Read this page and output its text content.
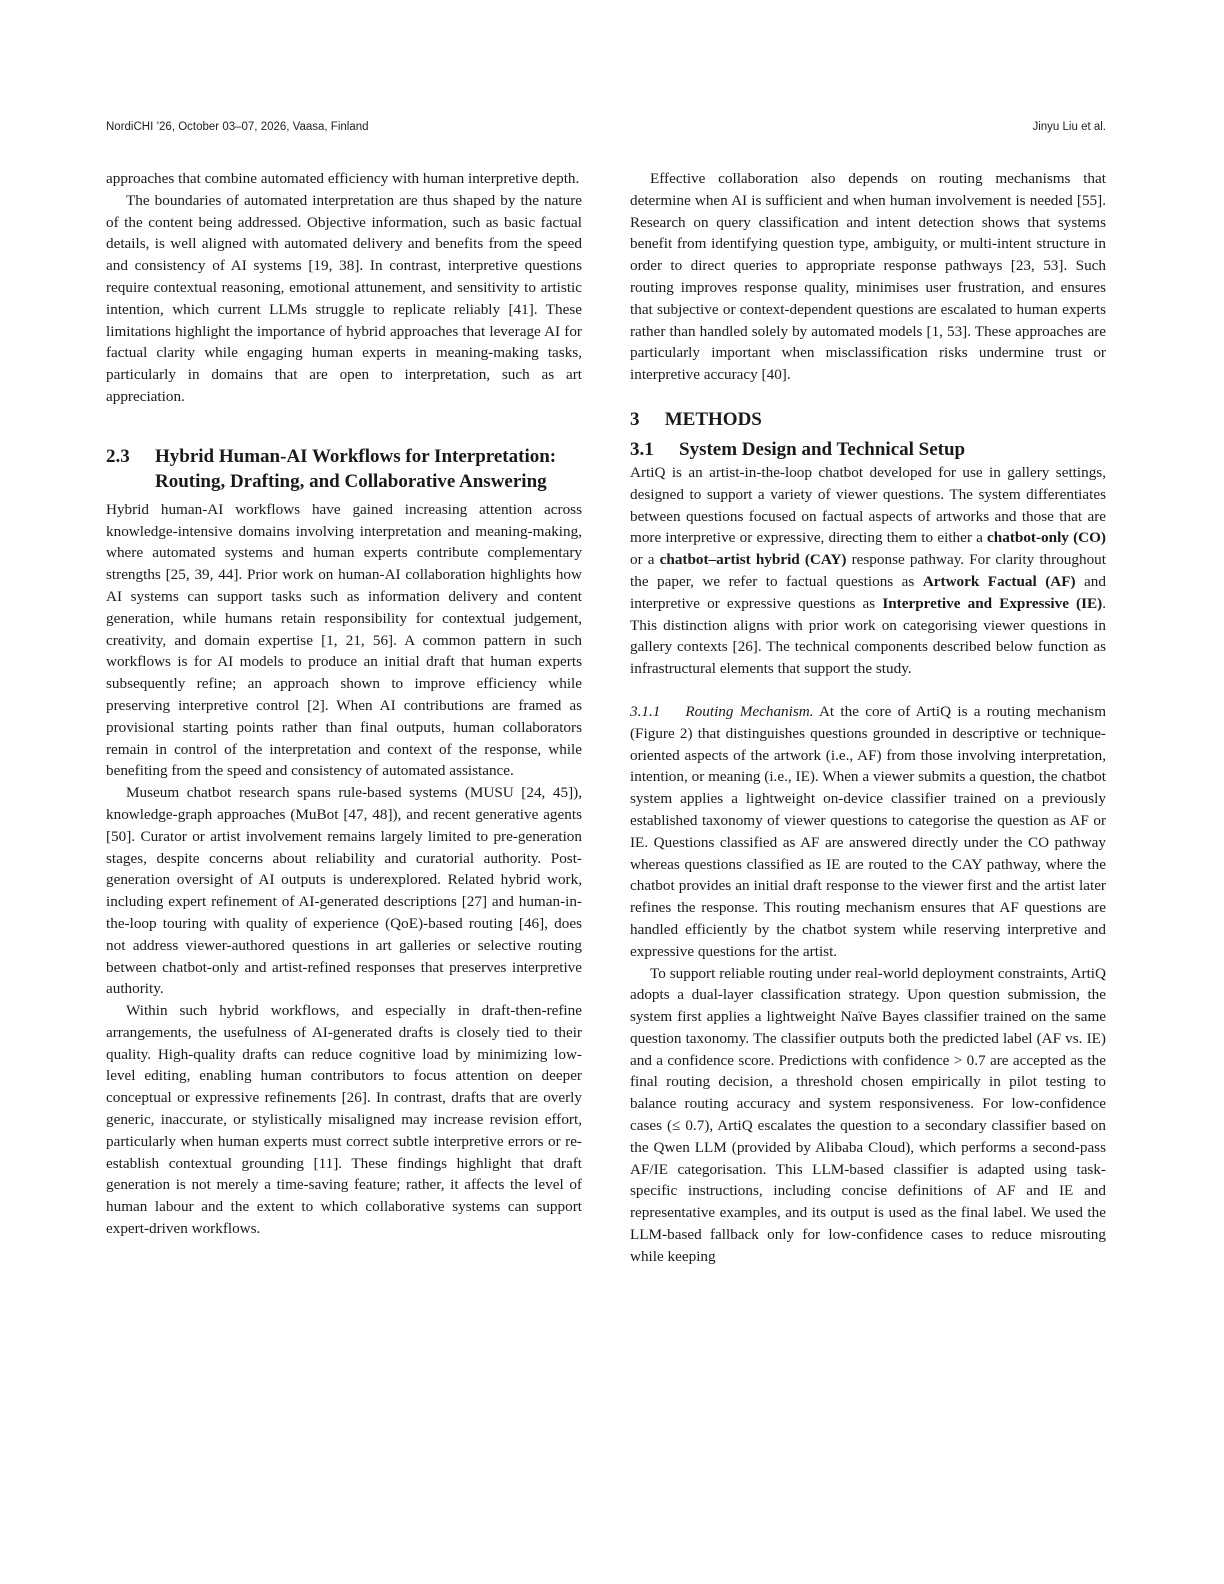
NordiCHI ’26, October 03–07, 2026, Vaasa, Finland	Jinyu Liu et al.

approaches that combine automated efficiency with human interpretive depth.

The boundaries of automated interpretation are thus shaped by the nature of the content being addressed. Objective information, such as basic factual details, is well aligned with automated delivery and benefits from the speed and consistency of AI systems [19, 38]. In contrast, interpretive questions require contextual reasoning, emotional attunement, and sensitivity to artistic intention, which current LLMs struggle to replicate reliably [41]. These limitations highlight the importance of hybrid approaches that leverage AI for factual clarity while engaging human experts in meaning-making tasks, particularly in domains that are open to interpretation, such as art appreciation.

2.3	Hybrid Human-AI Workflows for Interpretation: Routing, Drafting, and Collaborative Answering

Hybrid human-AI workflows have gained increasing attention across knowledge-intensive domains involving interpretation and meaning-making, where automated systems and human experts contribute complementary strengths [25, 39, 44]. Prior work on human-AI collaboration highlights how AI systems can support tasks such as information delivery and content generation, while humans retain responsibility for contextual judgement, creativity, and domain expertise [1, 21, 56]. A common pattern in such workflows is for AI models to produce an initial draft that human experts subsequently refine; an approach shown to improve efficiency while preserving interpretive control [2]. When AI contributions are framed as provisional starting points rather than final outputs, human collaborators remain in control of the interpretation and context of the response, while benefiting from the speed and consistency of automated assistance.

Museum chatbot research spans rule-based systems (MUSU [24, 45]), knowledge-graph approaches (MuBot [47, 48]), and recent generative agents [50]. Curator or artist involvement remains largely limited to pre-generation stages, despite concerns about reliability and curatorial authority. Post-generation oversight of AI outputs is underexplored. Related hybrid work, including expert refinement of AI-generated descriptions [27] and human-in-the-loop touring with quality of experience (QoE)-based routing [46], does not address viewer-authored questions in art galleries or selective routing between chatbot-only and artist-refined responses that preserves interpretive authority.

Within such hybrid workflows, and especially in draft-then-refine arrangements, the usefulness of AI-generated drafts is closely tied to their quality. High-quality drafts can reduce cognitive load by minimizing low-level editing, enabling human contributors to focus attention on deeper conceptual or expressive refinements [26]. In contrast, drafts that are overly generic, inaccurate, or stylistically misaligned may increase revision effort, particularly when human experts must correct subtle interpretive errors or re-establish contextual grounding [11]. These findings highlight that draft generation is not merely a time-saving feature; rather, it affects the level of human labour and the extent to which collaborative systems can support expert-driven workflows.

Effective collaboration also depends on routing mechanisms that determine when AI is sufficient and when human involvement is needed [55]. Research on query classification and intent detection shows that systems benefit from identifying question type, ambiguity, or multi-intent structure in order to direct queries to appropriate response pathways [23, 53]. Such routing improves response quality, minimises user frustration, and ensures that subjective or context-dependent questions are escalated to human experts rather than handled solely by automated models [1, 53]. These approaches are particularly important when misclassification risks undermine trust or interpretive accuracy [40].

3 METHODS
3.1	System Design and Technical Setup

ArtiQ is an artist-in-the-loop chatbot developed for use in gallery settings, designed to support a variety of viewer questions. The system differentiates between questions focused on factual aspects of artworks and those that are more interpretive or expressive, directing them to either a chatbot-only (CO) or a chatbot–artist hybrid (CAY) response pathway. For clarity throughout the paper, we refer to factual questions as Artwork Factual (AF) and interpretive or expressive questions as Interpretive and Expressive (IE). This distinction aligns with prior work on categorising viewer questions in gallery contexts [26]. The technical components described below function as infrastructural elements that support the study.

3.1.1 Routing Mechanism. At the core of ArtiQ is a routing mechanism (Figure 2) that distinguishes questions grounded in descriptive or technique-oriented aspects of the artwork (i.e., AF) from those involving interpretation, intention, or meaning (i.e., IE). When a viewer submits a question, the chatbot system applies a lightweight on-device classifier trained on a previously established taxonomy of viewer questions to categorise the question as AF or IE. Questions classified as AF are answered directly under the CO pathway whereas questions classified as IE are routed to the CAY pathway, where the chatbot provides an initial draft response to the viewer first and the artist later refines the response. This routing mechanism ensures that AF questions are handled efficiently by the chatbot system while reserving interpretive and expressive questions for the artist.

To support reliable routing under real-world deployment constraints, ArtiQ adopts a dual-layer classification strategy. Upon question submission, the system first applies a lightweight Naïve Bayes classifier trained on the same question taxonomy. The classifier outputs both the predicted label (AF vs. IE) and a confidence score. Predictions with confidence > 0.7 are accepted as the final routing decision, a threshold chosen empirically in pilot testing to balance routing accuracy and system responsiveness. For low-confidence cases (≤ 0.7), ArtiQ escalates the question to a secondary classifier based on the Qwen LLM (provided by Alibaba Cloud), which performs a second-pass AF/IE categorisation. This LLM-based classifier is adapted using task-specific instructions, including concise definitions of AF and IE and representative examples, and its output is used as the final label. We used the LLM-based fallback only for low-confidence cases to reduce misrouting while keeping
